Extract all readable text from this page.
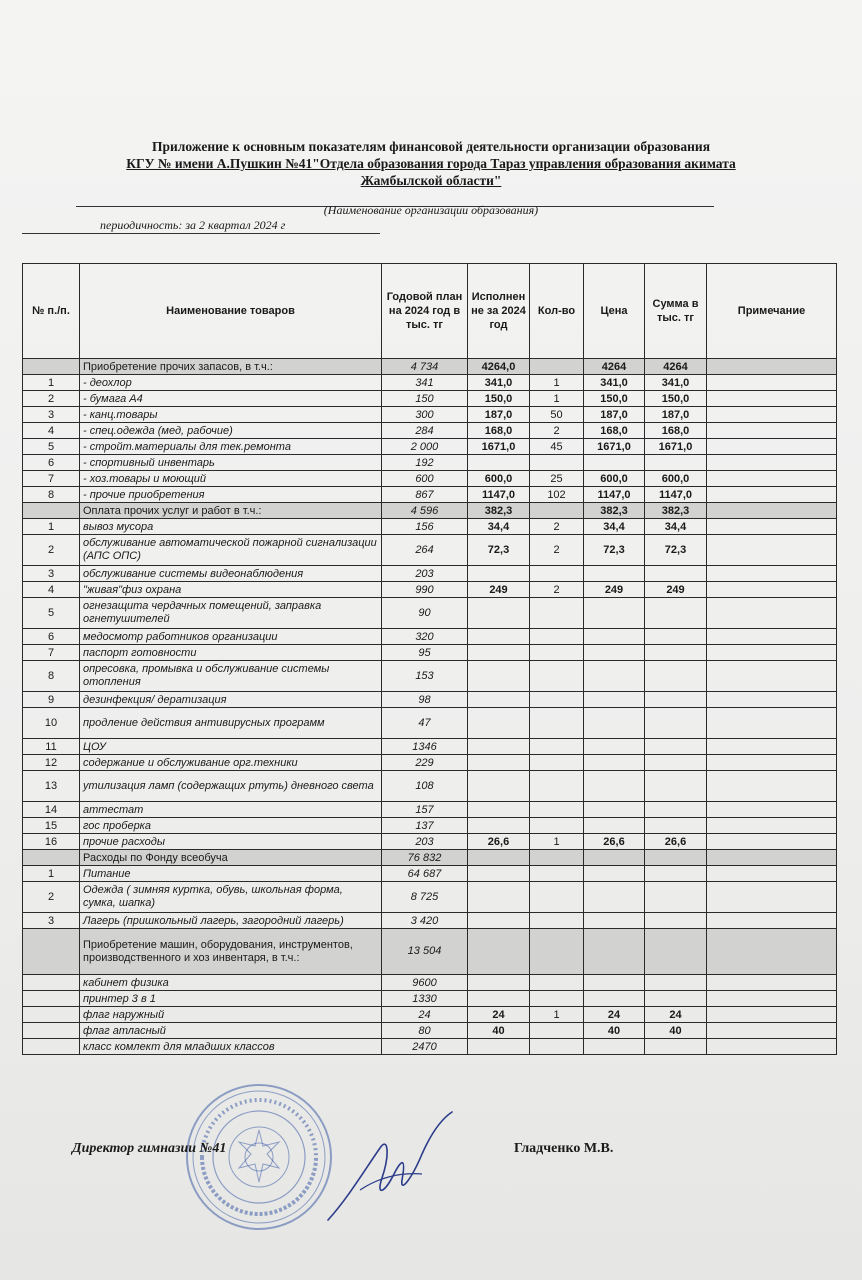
Приложение к основным показателям финансовой деятельности организации образования
КГУ № имени А.Пушкин №41"Отдела образования города Тараз управления образования акимата
Жамбылской области"
(Наименование организации образования)
периодичность: за 2 квартал 2024 г
№ п./п.	Наименование товаров	Годовой план на 2024 год в тыс. тг	Исполнен не за 2024 год	Кол-во	Цена	Сумма в тыс. тг	Примечание
	Приобретение прочих запасов, в т.ч.:	4 734	4264,0		4264	4264	
1	- деохлор	341	341,0	1	341,0	341,0	
2	- бумага А4	150	150,0	1	150,0	150,0	
3	- канц.товары	300	187,0	50	187,0	187,0	
4	- спец.одежда (мед, рабочие)	284	168,0	2	168,0	168,0	
5	- стройт.материалы для тек.ремонта	2 000	1671,0	45	1671,0	1671,0	
6	- спортивный инвентарь	192					
7	- хоз.товары и моющий	600	600,0	25	600,0	600,0	
8	- прочие приобретения	867	1147,0	102	1147,0	1147,0	
	Оплата прочих услуг и работ в т.ч.:	4 596	382,3		382,3	382,3	
1	вывоз мусора	156	34,4	2	34,4	34,4	
2	обслуживание автоматической пожарной сигнализации (АПС ОПС)	264	72,3	2	72,3	72,3	
3	обслуживание системы видеонаблюдения	203					
4	"живая"физ охрана	990	249	2	249	249	
5	огнезащита чердачных помещений, заправка огнетушителей	90					
6	медосмотр работников организации	320					
7	паспорт готовности	95					
8	опресовка, промывка и обслуживание системы отопления	153					
9	дезинфекция/ дератизация	98					
10	продление действия антивирусных программ	47					
11	ЦОУ	1346					
12	содержание и обслуживание орг.техники	229					
13	утилизация ламп (содержащих ртуть) дневного света	108					
14	аттестат	157					
15	гос проберка	137					
16	прочие расходы	203	26,6	1	26,6	26,6	
	Расходы по Фонду всеобуча	76 832					
1	Питание	64 687					
2	Одежда ( зимняя куртка, обувь, школьная форма, сумка, шапка)	8 725					
3	Лагерь (пришкольный лагерь, загородний лагерь)	3 420					
	Приобретение машин, оборудования, инструментов, производственного и хоз инвентаря, в т.ч.:	13 504					
	кабинет физика	9600					
	принтер 3 в 1	1330					
	флаг наружный	24	24	1	24	24	
	флаг атласный	80	40		40	40	
	класс комлект для младших классов	2470					
Директор гимназии №41	Гладченко М.В.
